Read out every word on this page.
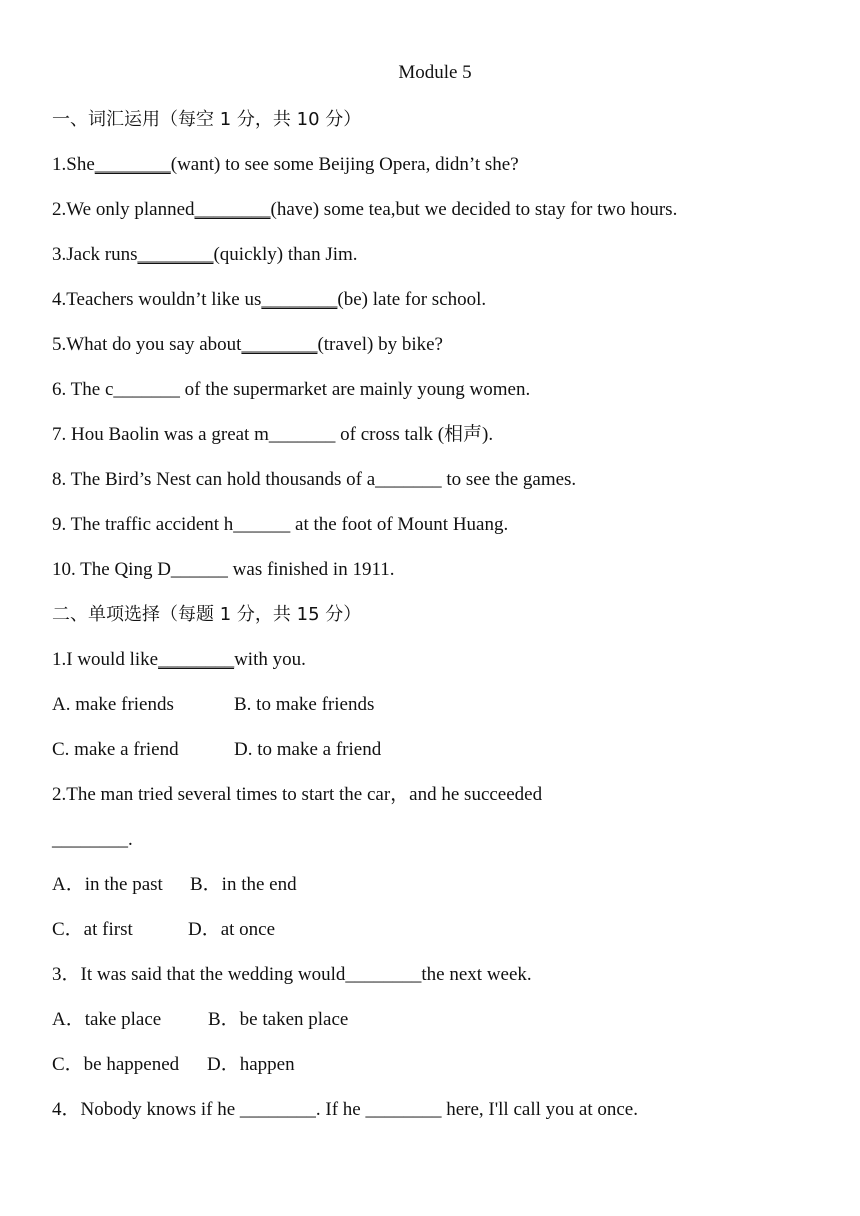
Module 5
一、词汇运用（每空 1 分，共 10 分）
1.She________(want) to see some Beijing Opera, didn’t she?
2.We only planned________(have) some tea,but we decided to stay for two hours.
3.Jack runs________(quickly) than Jim.
4.Teachers wouldn’t like us________(be) late for school.
5.What do you say about________(travel) by bike?
6. The c_______ of the supermarket are mainly young women.
7. Hou Baolin was a great m_______ of cross talk (相声).
8. The Bird’s Nest can hold thousands of a_______ to see the games.
9. The traffic accident h______ at the foot of Mount Huang.
10. The Qing D______ was finished in 1911.
二、单项选择（每题 1 分，共 15 分）
1.I would like________with you.
A. make friends	B. to make friends
C. make a friend	D. to make a friend
2.The man tried several times to start the car，and he succeeded
________.
A．in the past B．in the end
C．at first	D．at once
3．It was said that the wedding would________the next week.
A．take place B．be taken place
C．be happened D．happen
4．Nobody knows if he ________. If he ________ here, I'll call you at once.
